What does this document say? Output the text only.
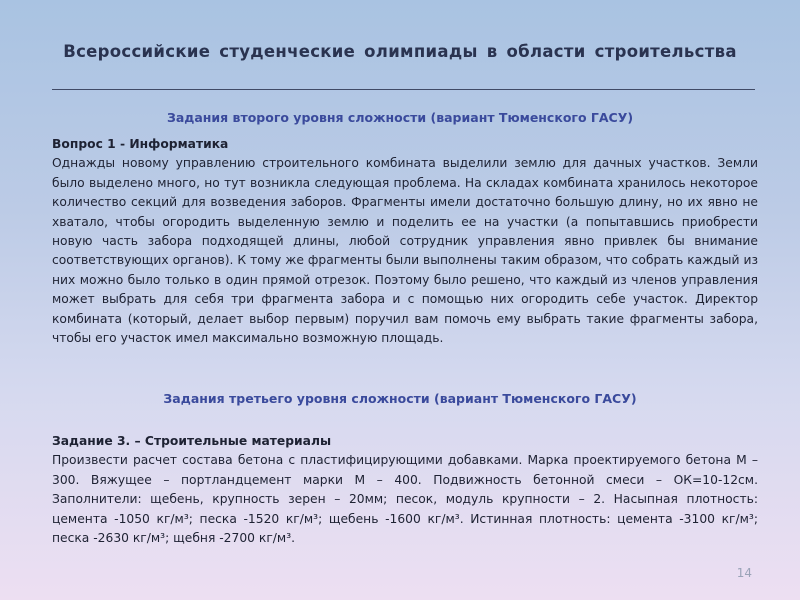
Всероссийские студенческие олимпиады в области строительства
Задания второго уровня сложности (вариант Тюменского ГАСУ)
Вопрос 1 - Информатика
Однажды новому управлению строительного комбината выделили землю для дачных участков. Земли было выделено много, но тут возникла следующая проблема. На складах комбината хранилось некоторое количество секций для возведения заборов. Фрагменты имели достаточно большую длину, но их явно не хватало, чтобы огородить выделенную землю и поделить ее на участки (а попытавшись приобрести новую часть забора подходящей длины, любой сотрудник управления явно привлек бы внимание соответствующих органов). К тому же фрагменты были выполнены таким образом, что собрать каждый из них можно было только в один прямой отрезок. Поэтому было решено, что каждый из членов управления может выбрать для себя три фрагмента забора и с помощью них огородить себе участок. Директор комбината (который, делает выбор первым) поручил вам помочь ему выбрать такие фрагменты забора, чтобы его участок имел максимально возможную площадь.
Задания третьего уровня сложности (вариант Тюменского ГАСУ)
Задание 3. – Строительные материалы
Произвести расчет состава бетона с пластифицирующими добавками. Марка проектируемого бетона М – 300. Вяжущее – портландцемент марки М – 400. Подвижность бетонной смеси – ОК=10-12см. Заполнители: щебень, крупность зерен – 20мм; песок, модуль крупности – 2. Насыпная плотность: цемента -1050 кг/м³; песка -1520 кг/м³; щебень -1600 кг/м³. Истинная плотность: цемента -3100 кг/м³; песка -2630 кг/м³; щебня -2700 кг/м³.
14
